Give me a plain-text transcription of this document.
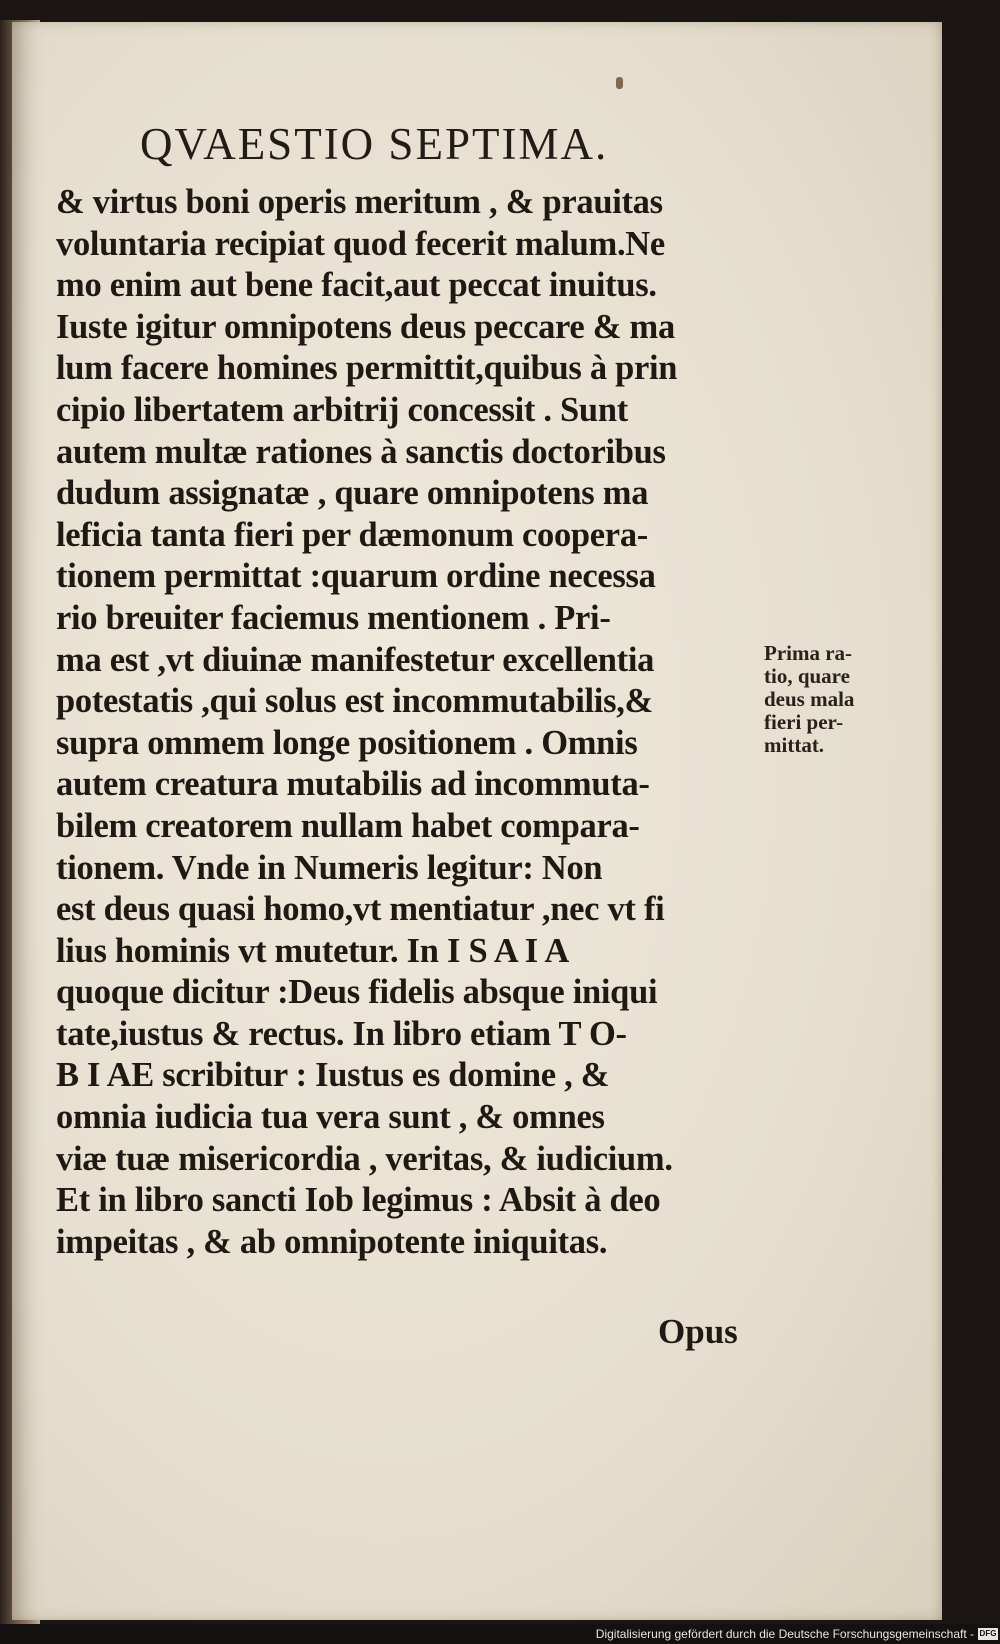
QVAESTIO SEPTIMA.
& virtus boni operis meritum , & prauitas
voluntaria recipiat quod fecerit malum.Ne
mo enim aut bene facit,aut peccat inuitus.
Iuste igitur omnipotens deus peccare & ma
lum facere homines permittit,quibus à prin
cipio libertatem arbitrij concessit . Sunt
autem multæ rationes à sanctis doctoribus
dudum assignatæ , quare omnipotens ma
leficia tanta fieri per dæmonum coopera-
tionem permittat :quarum ordine necessa
rio breuiter faciemus mentionem . Pri-
ma est ,vt diuinæ manifestetur excellentia
potestatis ,qui solus est incommutabilis,&
supra ommem longe positionem . Omnis
autem creatura mutabilis ad incommuta-
bilem creatorem nullam habet compara-
tionem. Vnde in Numeris legitur: Non
est deus quasi homo,vt mentiatur ,nec vt fi
lius hominis vt mutetur. In I S A I A
quoque dicitur :Deus fidelis absque iniqui
tate,iustus & rectus. In libro etiam T O-
B I AE scribitur : Iustus es domine , &
omnia iudicia tua vera sunt , & omnes
viæ tuæ misericordia , veritas, & iudicium.
Et in libro sancti Iob legimus : Absit à deo
impeitas , & ab omnipotente iniquitas.
Opus
Prima ra-
tio, quare
deus mala
fieri per-
mittat.
Digitalisierung gefördert durch die Deutsche Forschungsgemeinschaft - DFG
